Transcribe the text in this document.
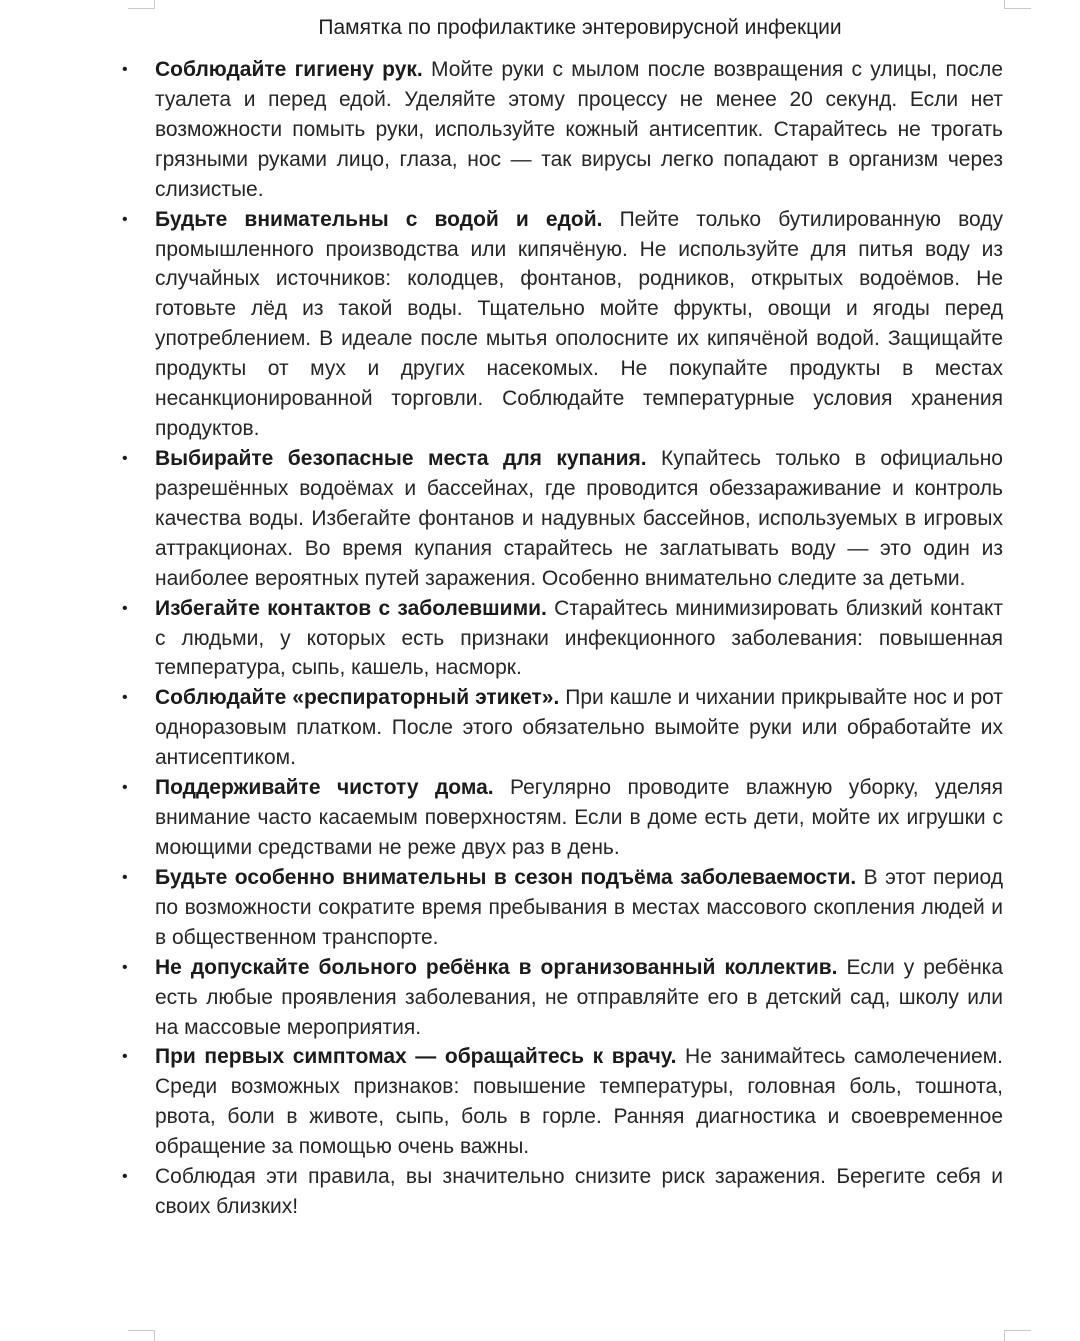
Памятка по профилактике энтеровирусной инфекции
• Соблюдайте гигиену рук. Мойте руки с мылом после возвращения с улицы, после туалета и перед едой. Уделяйте этому процессу не менее 20 секунд. Если нет возможности помыть руки, используйте кожный антисептик. Старайтесь не трогать грязными руками лицо, глаза, нос — так вирусы легко попадают в организм через слизистые.
• Будьте внимательны с водой и едой. Пейте только бутилированную воду промышленного производства или кипячёную. Не используйте для питья воду из случайных источников: колодцев, фонтанов, родников, открытых водоёмов. Не готовьте лёд из такой воды. Тщательно мойте фрукты, овощи и ягоды перед употреблением. В идеале после мытья ополосните их кипячёной водой. Защищайте продукты от мух и других насекомых. Не покупайте продукты в местах несанкционированной торговли. Соблюдайте температурные условия хранения продуктов.
• Выбирайте безопасные места для купания. Купайтесь только в официально разрешённых водоёмах и бассейнах, где проводится обеззараживание и контроль качества воды. Избегайте фонтанов и надувных бассейнов, используемых в игровых аттракционах. Во время купания старайтесь не заглатывать воду — это один из наиболее вероятных путей заражения. Особенно внимательно следите за детьми.
• Избегайте контактов с заболевшими. Старайтесь минимизировать близкий контакт с людьми, у которых есть признаки инфекционного заболевания: повышенная температура, сыпь, кашель, насморк.
• Соблюдайте «респираторный этикет». При кашле и чихании прикрывайте нос и рот одноразовым платком. После этого обязательно вымойте руки или обработайте их антисептиком.
• Поддерживайте чистоту дома. Регулярно проводите влажную уборку, уделяя внимание часто касаемым поверхностям. Если в доме есть дети, мойте их игрушки с моющими средствами не реже двух раз в день.
• Будьте особенно внимательны в сезон подъёма заболеваемости. В этот период по возможности сократите время пребывания в местах массового скопления людей и в общественном транспорте.
• Не допускайте больного ребёнка в организованный коллектив. Если у ребёнка есть любые проявления заболевания, не отправляйте его в детский сад, школу или на массовые мероприятия.
• При первых симптомах — обращайтесь к врачу. Не занимайтесь самолечением. Среди возможных признаков: повышение температуры, головная боль, тошнота, рвота, боли в животе, сыпь, боль в горле. Ранняя диагностика и своевременное обращение за помощью очень важны.
• Соблюдая эти правила, вы значительно снизите риск заражения. Берегите себя и своих близких!
